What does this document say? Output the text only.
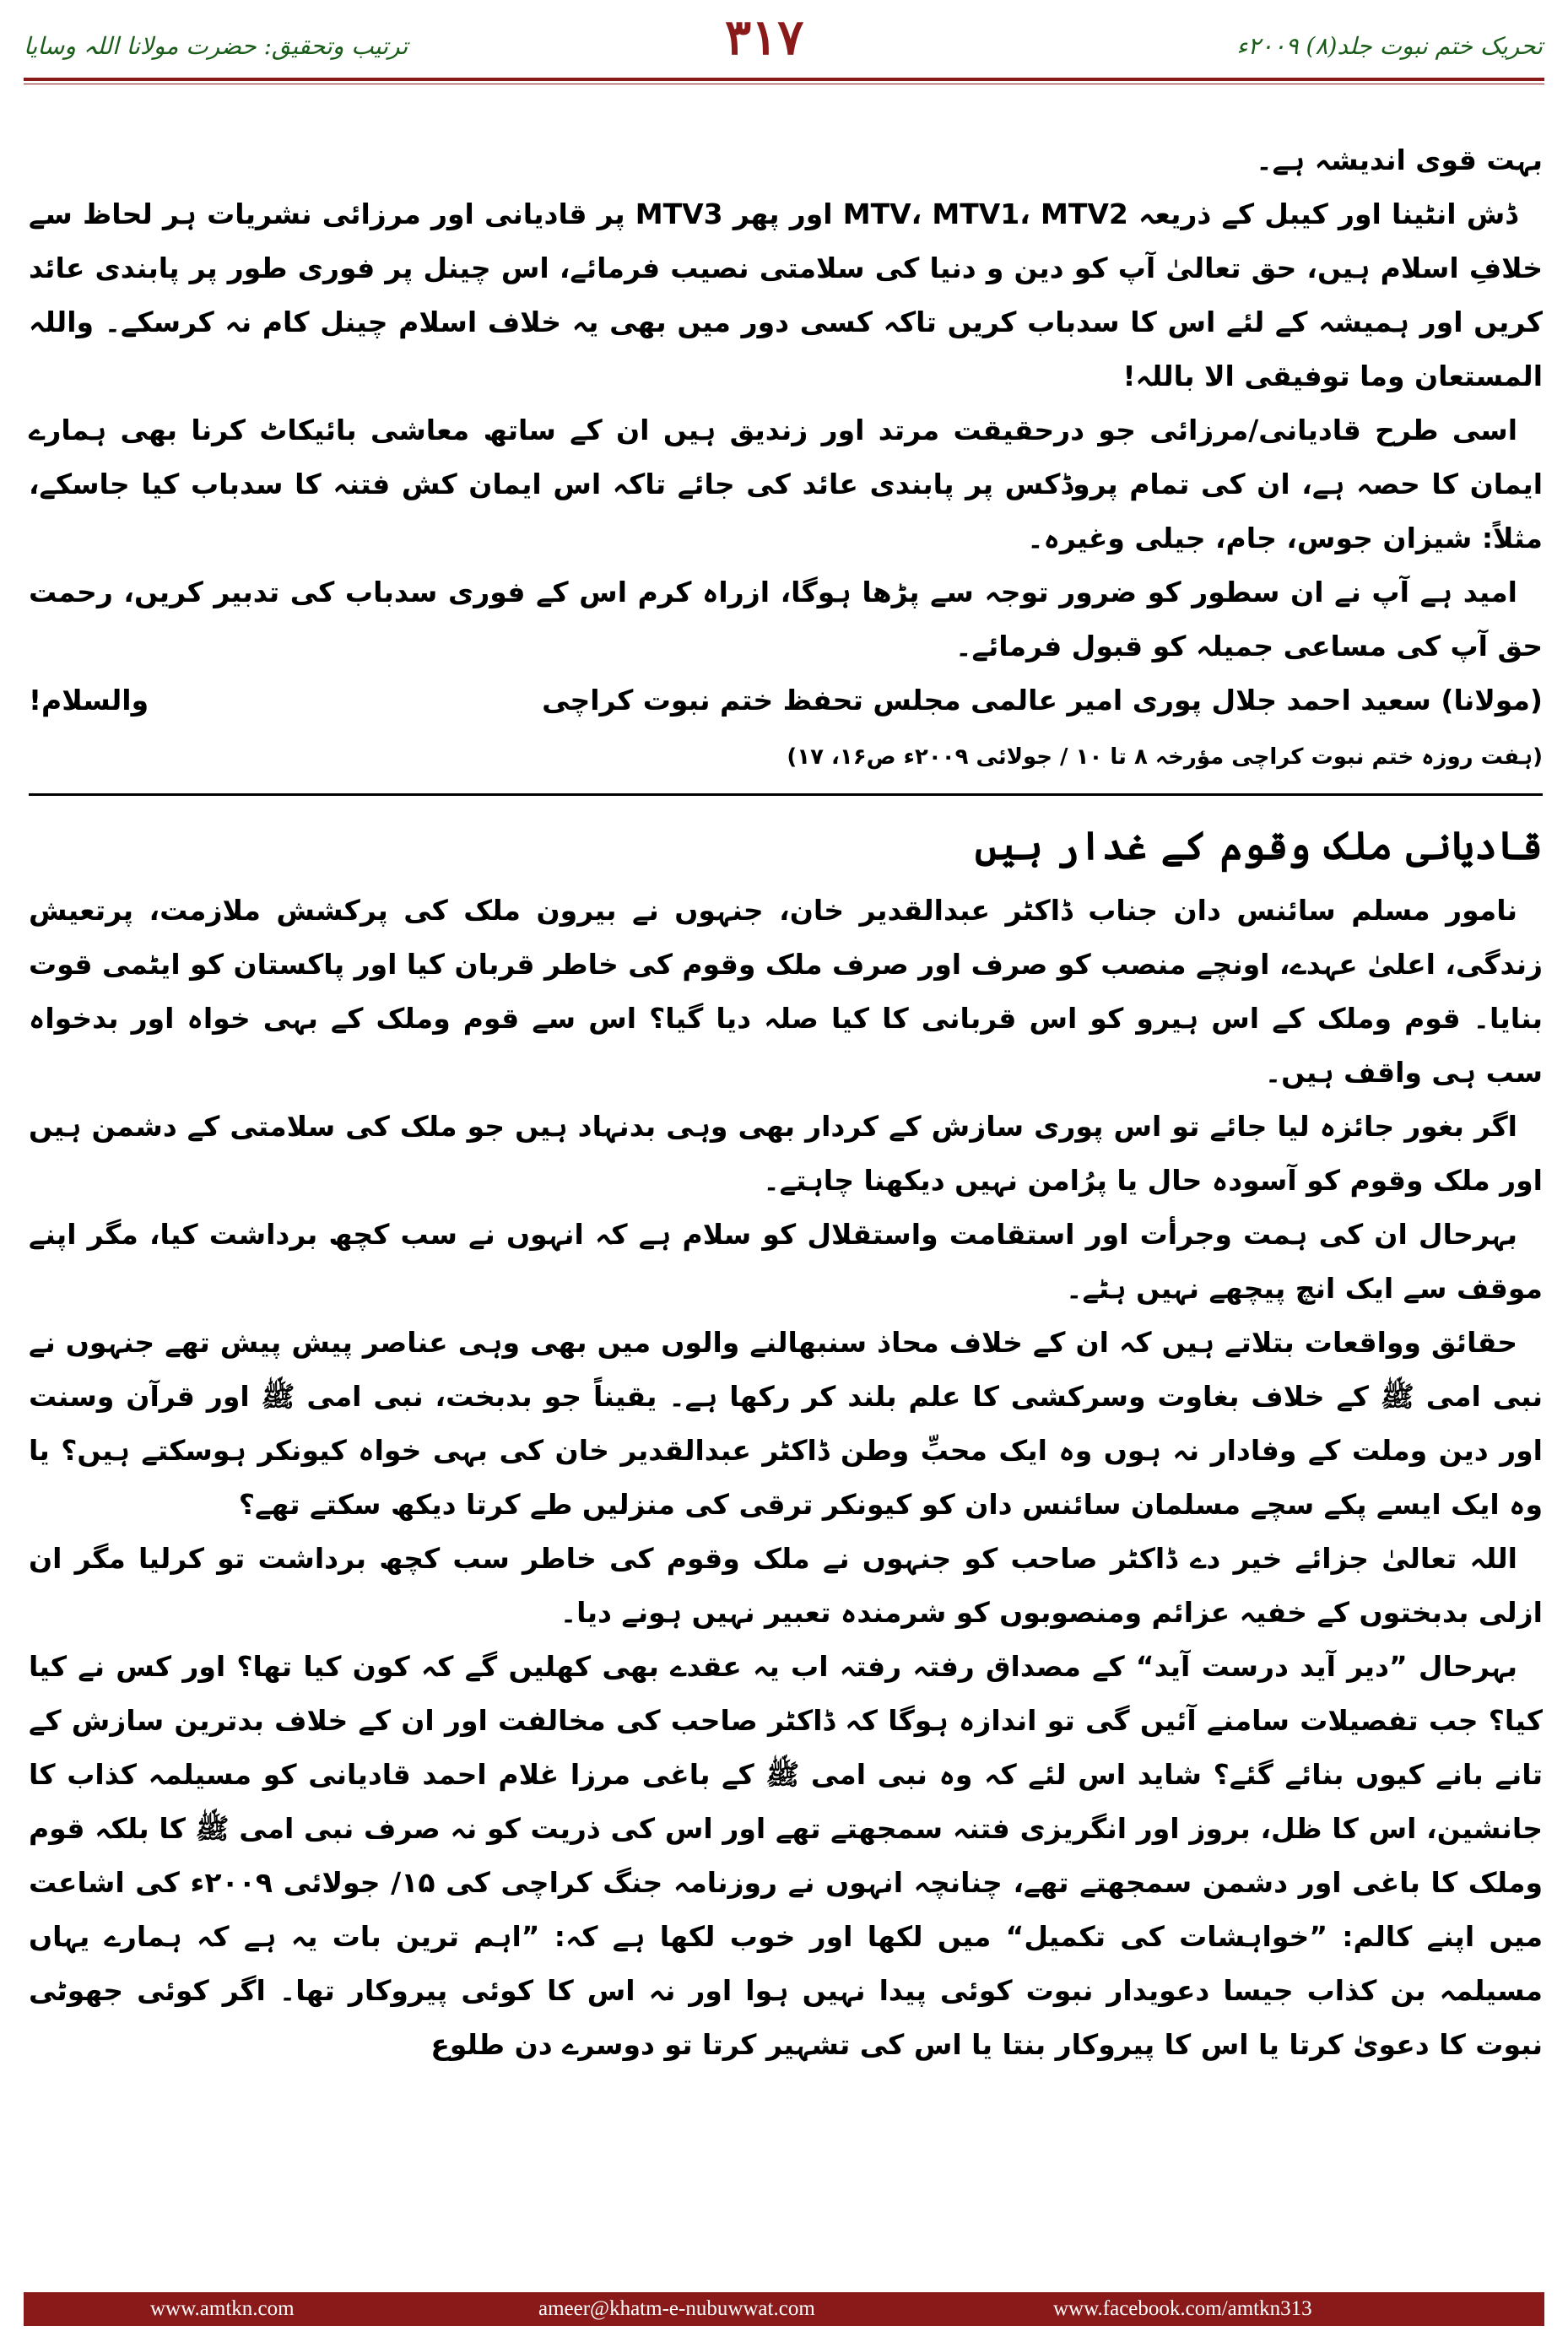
ترتیب وتحقیق: حضرت مولانا اللہ وسایا	۳۱۷	تحریک ختم نبوت جلد(۸) ۲۰۰۹ء

بہت قوی اندیشہ ہے۔

ڈش انٹینا اور کیبل کے ذریعہ MTV، MTV1، MTV2 اور پھر MTV3 پر قادیانی اور مرزائی نشریات ہر لحاظ سے خلافِ اسلام ہیں، حق تعالیٰ آپ کو دین و دنیا کی سلامتی نصیب فرمائے، اس چینل پر فوری طور پر پابندی عائد کریں اور ہمیشہ کے لئے اس کا سدباب کریں تاکہ کسی دور میں بھی یہ خلاف اسلام چینل کام نہ کرسکے۔ واللہ المستعان وما توفیقی الا باللہ!

اسی طرح قادیانی/مرزائی جو درحقیقت مرتد اور زندیق ہیں ان کے ساتھ معاشی بائیکاٹ کرنا بھی ہمارے ایمان کا حصہ ہے، ان کی تمام پروڈکس پر پابندی عائد کی جائے تاکہ اس ایمان کش فتنہ کا سدباب کیا جاسکے، مثلاً: شیزان جوس، جام، جیلی وغیرہ۔

امید ہے آپ نے ان سطور کو ضرور توجہ سے پڑھا ہوگا، ازراہ کرم اس کے فوری سدباب کی تدبیر کریں، رحمت حق آپ کی مساعی جمیلہ کو قبول فرمائے۔

(مولانا) سعید احمد جلال پوری امیر عالمی مجلس تحفظ ختم نبوت کراچی
والسلام!

(ہفت روزہ ختم نبوت کراچی مؤرخہ ۸ تا ۱۰ / جولائی ۲۰۰۹ء ص۱۶، ۱۷)

قادیانی ملک وقوم کے غدار ہیں

نامور مسلم سائنس دان جناب ڈاکٹر عبدالقدیر خان، جنہوں نے بیرون ملک کی پرکشش ملازمت، پرتعیش زندگی، اعلیٰ عہدے، اونچے منصب کو صرف اور صرف ملک وقوم کی خاطر قربان کیا اور پاکستان کو ایٹمی قوت بنایا۔ قوم وملک کے اس ہیرو کو اس قربانی کا کیا صلہ دیا گیا؟ اس سے قوم وملک کے بہی خواہ اور بدخواہ سب ہی واقف ہیں۔

اگر بغور جائزہ لیا جائے تو اس پوری سازش کے کردار بھی وہی بدنہاد ہیں جو ملک کی سلامتی کے دشمن ہیں اور ملک وقوم کو آسودہ حال یا پرُامن نہیں دیکھنا چاہتے۔

بہرحال ان کی ہمت وجرأت اور استقامت واستقلال کو سلام ہے کہ انہوں نے سب کچھ برداشت کیا، مگر اپنے موقف سے ایک انچ پیچھے نہیں ہٹے۔

حقائق وواقعات بتلاتے ہیں کہ ان کے خلاف محاذ سنبھالنے والوں میں بھی وہی عناصر پیش پیش تھے جنہوں نے نبی امی ﷺ کے خلاف بغاوت وسرکشی کا علم بلند کر رکھا ہے۔ یقیناً جو بدبخت، نبی امی ﷺ اور قرآن وسنت اور دین وملت کے وفادار نہ ہوں وہ ایک محبِّ وطن ڈاکٹر عبدالقدیر خان کی بہی خواہ کیونکر ہوسکتے ہیں؟ یا وہ ایک ایسے پکے سچے مسلمان سائنس دان کو کیونکر ترقی کی منزلیں طے کرتا دیکھ سکتے تھے؟

اللہ تعالیٰ جزائے خیر دے ڈاکٹر صاحب کو جنہوں نے ملک وقوم کی خاطر سب کچھ برداشت تو کرلیا مگر ان ازلی بدبختوں کے خفیہ عزائم ومنصوبوں کو شرمندہ تعبیر نہیں ہونے دیا۔

بہرحال ”دیر آید درست آید“ کے مصداق رفتہ رفتہ اب یہ عقدے بھی کھلیں گے کہ کون کیا تھا؟ اور کس نے کیا کیا؟ جب تفصیلات سامنے آئیں گی تو اندازہ ہوگا کہ ڈاکٹر صاحب کی مخالفت اور ان کے خلاف بدترین سازش کے تانے بانے کیوں بنائے گئے؟ شاید اس لئے کہ وہ نبی امی ﷺ کے باغی مرزا غلام احمد قادیانی کو مسیلمہ کذاب کا جانشین، اس کا ظل، بروز اور انگریزی فتنہ سمجھتے تھے اور اس کی ذریت کو نہ صرف نبی امی ﷺ کا بلکہ قوم وملک کا باغی اور دشمن سمجھتے تھے، چنانچہ انہوں نے روزنامہ جنگ کراچی کی ۱۵/ جولائی ۲۰۰۹ء کی اشاعت میں اپنے کالم: ”خواہشات کی تکمیل“ میں لکھا اور خوب لکھا ہے کہ: ”اہم ترین بات یہ ہے کہ ہمارے یہاں مسیلمہ بن کذاب جیسا دعویدار نبوت کوئی پیدا نہیں ہوا اور نہ اس کا کوئی پیروکار تھا۔ اگر کوئی جھوٹی نبوت کا دعویٰ کرتا یا اس کا پیروکار بنتا یا اس کی تشہیر کرتا تو دوسرے دن طلوع

www.amtkn.com	ameer@khatm-e-nubuwwat.com	www.facebook.com/amtkn313
